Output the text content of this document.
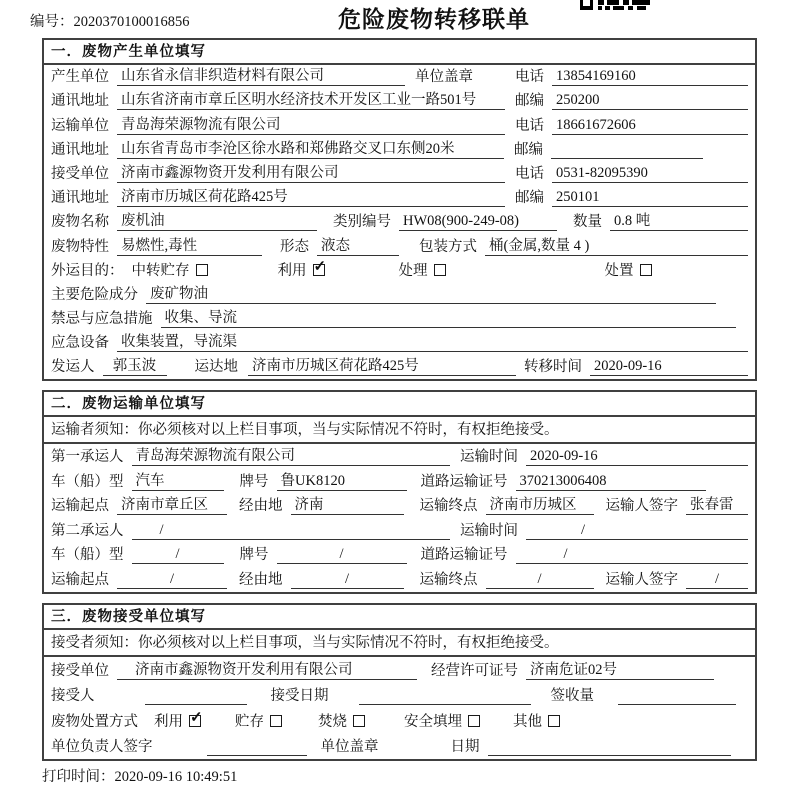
编号：2020370100016856	危险废物转移联单
一．废物产生单位填写
产生单位 山东省永信非织造材料有限公司	单位盖章	电话 13854169160
通讯地址 山东省济南市章丘区明水经济技术开发区工业一路501号	邮编 250200
运输单位 青岛海荣源物流有限公司	电话 18661672606
通讯地址 山东省青岛市李沧区徐水路和郑佛路交叉口东侧20米	邮编
接受单位 济南市鑫源物资开发利用有限公司	电话 0531-82095390
通讯地址 济南市历城区荷花路425号	邮编 250101
废物名称 废机油	类别编号 HW08(900-249-08)	数量 0.8 吨
废物特性 易燃性,毒性	形态 液态	包装方式 桶(金属,数量 4 )
外运目的： 中转贮存	利用 ✓	处理	处置
主要危险成分 废矿物油
禁忌与应急措施 收集、导流
应急设备 收集装置，导流渠
发运人	郭玉波	运达地 济南市历城区荷花路425号	转移时间 2020-09-16
二．废物运输单位填写
运输者须知：你必须核对以上栏目事项，当与实际情况不符时，有权拒绝接受。
第一承运人 青岛海荣源物流有限公司	运输时间 2020-09-16
车（船）型 汽车	牌号 鲁UK8120	道路运输证号 370213006408
运输起点 济南市章丘区	经由地 济南	运输终点 济南市历城区	运输人签字 张春雷
第二承运人	/	运输时间	/
车（船）型	/	牌号	/	道路运输证号	/
运输起点	/	经由地	/	运输终点	/	运输人签字	/
三．废物接受单位填写
接受者须知：你必须核对以上栏目事项，当与实际情况不符时，有权拒绝接受。
接受单位	济南市鑫源物资开发利用有限公司	经营许可证号 济南危证02号
接受人	接受日期	签收量
废物处置方式 利用 ✓	贮存	焚烧	安全填埋	其他
单位负责人签字	单位盖章	日期
打印时间：2020-09-16 10:49:51
